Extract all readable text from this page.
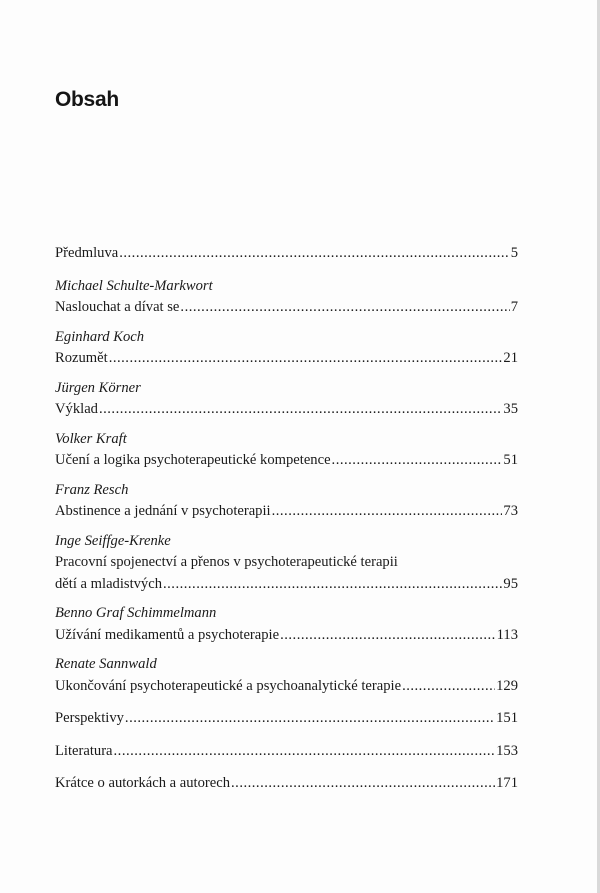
Obsah
Předmluva .....	5
Michael Schulte-Markwort
Naslouchat a dívat se .....	7
Eginhard Koch
Rozumět .....	21
Jürgen Körner
Výklad .....	35
Volker Kraft
Učení a logika psychoterapeutické kompetence .....	51
Franz Resch
Abstinence a jednání v psychoterapii .....	73
Inge Seiffge-Krenke
Pracovní spojenectví a přenos v psychoterapeutické terapii
dětí a mladistvých .....	95
Benno Graf Schimmelmann
Užívání medikamentů a psychoterapie .....	113
Renate Sannwald
Ukončování psychoterapeutické a psychoanalytické terapie .....	129
Perspektivy .....	151
Literatura .....	153
Krátce o autorkách a autorech .....	171
